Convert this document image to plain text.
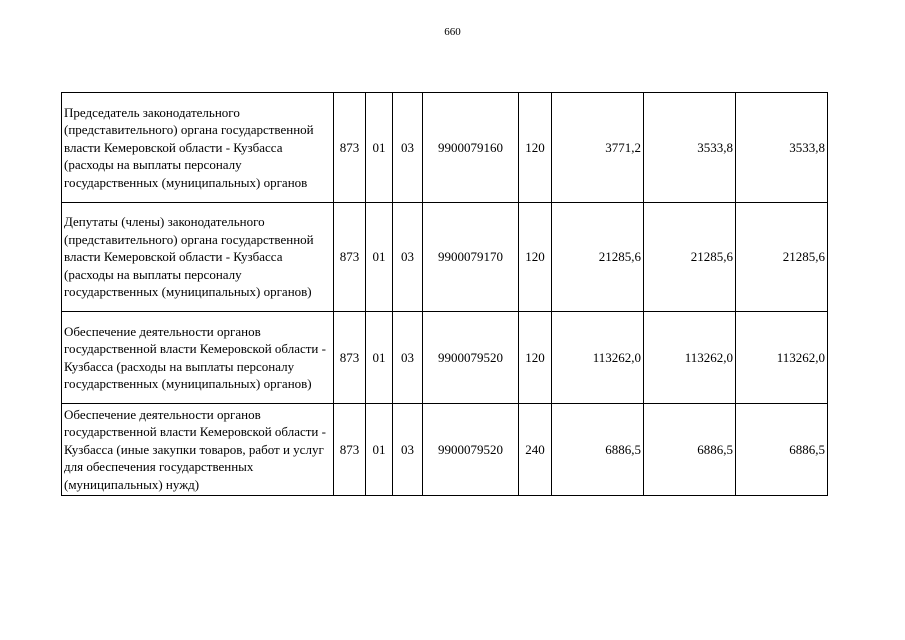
660
Председатель законодательного (представительного) органа государственной власти Кемеровской области - Кузбасса (расходы на выплаты персоналу государственных (муниципальных) органов	873	01	03	9900079160	120	3771,2	3533,8	3533,8
Депутаты (члены) законодательного (представительного) органа государственной власти Кемеровской области - Кузбасса (расходы на выплаты персоналу государственных (муниципальных) органов)	873	01	03	9900079170	120	21285,6	21285,6	21285,6
Обеспечение деятельности органов государственной власти Кемеровской области - Кузбасса (расходы на выплаты персоналу государственных (муниципальных) органов)	873	01	03	9900079520	120	113262,0	113262,0	113262,0
Обеспечение деятельности органов государственной власти Кемеровской области - Кузбасса (иные закупки товаров, работ и услуг для обеспечения государственных (муниципальных) нужд)	873	01	03	9900079520	240	6886,5	6886,5	6886,5
